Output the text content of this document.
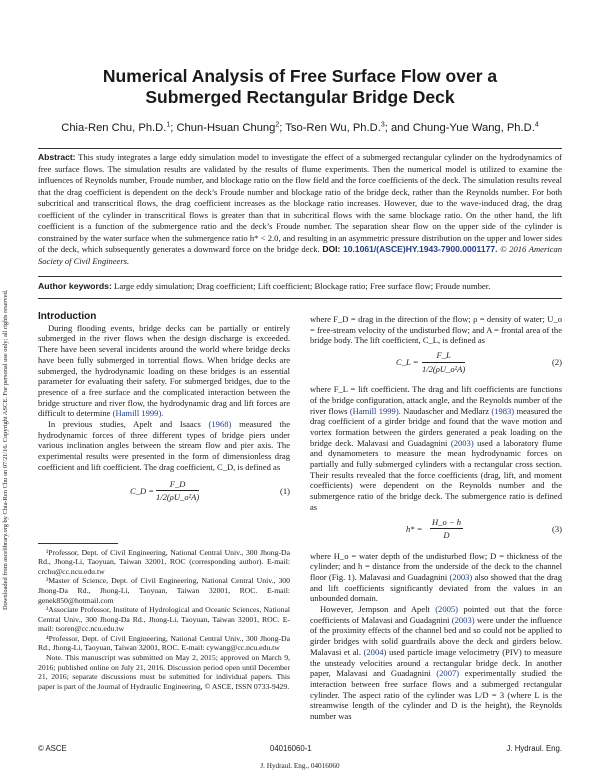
Downloaded from ascelibrary.org by Chia-Ren Chu on 07/21/16. Copyright ASCE. For personal use only; all rights reserved.
Numerical Analysis of Free Surface Flow over a
Submerged Rectangular Bridge Deck
Chia-Ren Chu, Ph.D.$^1$; Chun-Hsuan Chung$^2$; Tso-Ren Wu, Ph.D.$^3$; and Chung-Yue Wang, Ph.D.$^4$
Abstract: This study integrates a large eddy simulation model to investigate the effect of a submerged rectangular cylinder on the hydrodynamics of free surface flows. The simulation results are validated by the results of flume experiments. Then the numerical model is utilized to examine the influences of Reynolds number, Froude number, and blockage ratio on the flow field and the force coefficients of the deck. The simulation results reveal that the drag coefficient is dependent on the deck’s Froude number and blockage ratio of the bridge deck, rather than the Reynolds number. For both subcritical and transcritical flows, the drag coefficient increases as the blockage ratio increases. However, due to the wave-induced drag, the drag coefficient of the cylinder in transcritical flows is greater than that in subcritical flows with the same blockage ratio. On the other hand, the lift coefficient is a function of the submergence ratio and the deck’s Froude number. The separation shear flow on the upper side of the cylinder is constrained by the water surface when the submergence ratio h* < 2.0, and resulting in an asymmetric pressure distribution on the upper and lower sides of the deck, which subsequently generates a downward force on the bridge deck. DOI: 10.1061/(ASCE)HY.1943-7900.0001177. © 2016 American Society of Civil Engineers.
Author keywords: Large eddy simulation; Drag coefficient; Lift coefficient; Blockage ratio; Free surface flow; Froude number.

Introduction

During flooding events, bridge decks can be partially or entirely submerged in the river flows when the design discharge is exceeded. There have been several incidents around the world where bridge decks have been fully submerged in torrential flows. When bridge decks are submerged, the hydrodynamic loading on these bridges is an essential parameter for evaluating their safety. For submerged bridges, due to the presence of a free surface and the complicated interaction between the bridge structure and river flow, the hydrodynamic drag and lift forces are difficult to determine (Hamill 1999).

In previous studies, Apelt and Isaacs (1968) measured the hydrodynamic forces of three different types of bridge piers under various inclination angles between the stream flow and pier axis. The experimental results were presented in the form of dimensionless drag coefficient and lift coefficient. The drag coefficient, C_D, is defined as

C_D = $\frac{F\_D}{\text{1/2(ρU\_o²A)}}$	(1)

¹Professor, Dept. of Civil Engineering, National Central Univ., 300 Jhong-Da Rd., Jhong-Li, Taoyuan, Taiwan 32001, ROC (corresponding author). E-mail: crchu@cc.ncu.edu.tw

²Master of Science, Dept. of Civil Engineering, National Central Univ., 300 Jhong-Da Rd., Jhong-Li, Taoyuan, Taiwan 32001, ROC. E-mail: genek850@hotmail.com

³Associate Professor, Institute of Hydrological and Oceanic Sciences, National Central Univ., 300 Jhong-Da Rd., Jhong-Li, Taoyuan, Taiwan 32001, ROC. E-mail: tsoren@cc.ncu.edu.tw

⁴Professor, Dept. of Civil Engineering, National Central Univ., 300 Jhong-Da Rd., Jhong-Li, Taoyuan, Taiwan 32001, ROC. E-mail: cywang@cc.ncu.edu.tw

Note. This manuscript was submitted on May 2, 2015; approved on March 9, 2016; published online on July 21, 2016. Discussion period open until December 21, 2016; separate discussions must be submitted for individual papers. This paper is part of the Journal of Hydraulic Engineering, © ASCE, ISSN 0733-9429.

where F_D = drag in the direction of the flow; ρ = density of water; U_o = free-stream velocity of the undisturbed flow; and A = frontal area of the bridge body. The lift coefficient, C_L, is defined as

C_L = $\frac{F\_L}{\text{1/2(ρU\_o²A)}}$	(2)

where F_L = lift coefficient. The drag and lift coefficients are functions of the bridge configuration, attack angle, and the Reynolds number of the river flows (Hamill 1999). Naudascher and Medlarz (1983) measured the drag coefficient of a girder bridge and found that the wave motion and vortex formation between the girders generated a peak loading on the bridge deck. Malavasi and Guadagnini (2003) used a laboratory flume and dynamometers to measure the mean hydrodynamic forces on partially and fully submerged cylinders with a rectangular cross section. Their results revealed that the force coefficients (drag, lift, and moment coefficients) were dependent on the Reynolds number and the submergence ratio of the bridge deck. The submergence ratio is defined as

$h* = \frac{H\_o - h}{D}$	(3)

where H_o = water depth of the undisturbed flow; D = thickness of the cylinder; and h = distance from the underside of the deck to the channel floor (Fig. 1). Malavasi and Guadagnini (2003) also showed that the drag and lift coefficients significantly deviated from the values in an unbounded domain.

However, Jempson and Apelt (2005) pointed out that the force coefficients of Malavasi and Guadagnini (2003) were under the influence of the proximity effects of the channel bed and so could not be applied to girder bridges with solid guardrails above the deck and girders below. Malavasi et al. (2004) used particle image velocimetry (PIV) to measure the unsteady velocities around a rectangular bridge deck. In another paper, Malavasi and Guadagnini (2007) experimentally studied the interaction between free surface flows and a submerged rectangular cylinder. The aspect ratio of the cylinder was L/D = 3 (where L is the streamwise length of the cylinder and D is the height), the Reynolds number was

© ASCE	04016060-1	J. Hydraul. Eng.
J. Hydraul. Eng., 04016060
